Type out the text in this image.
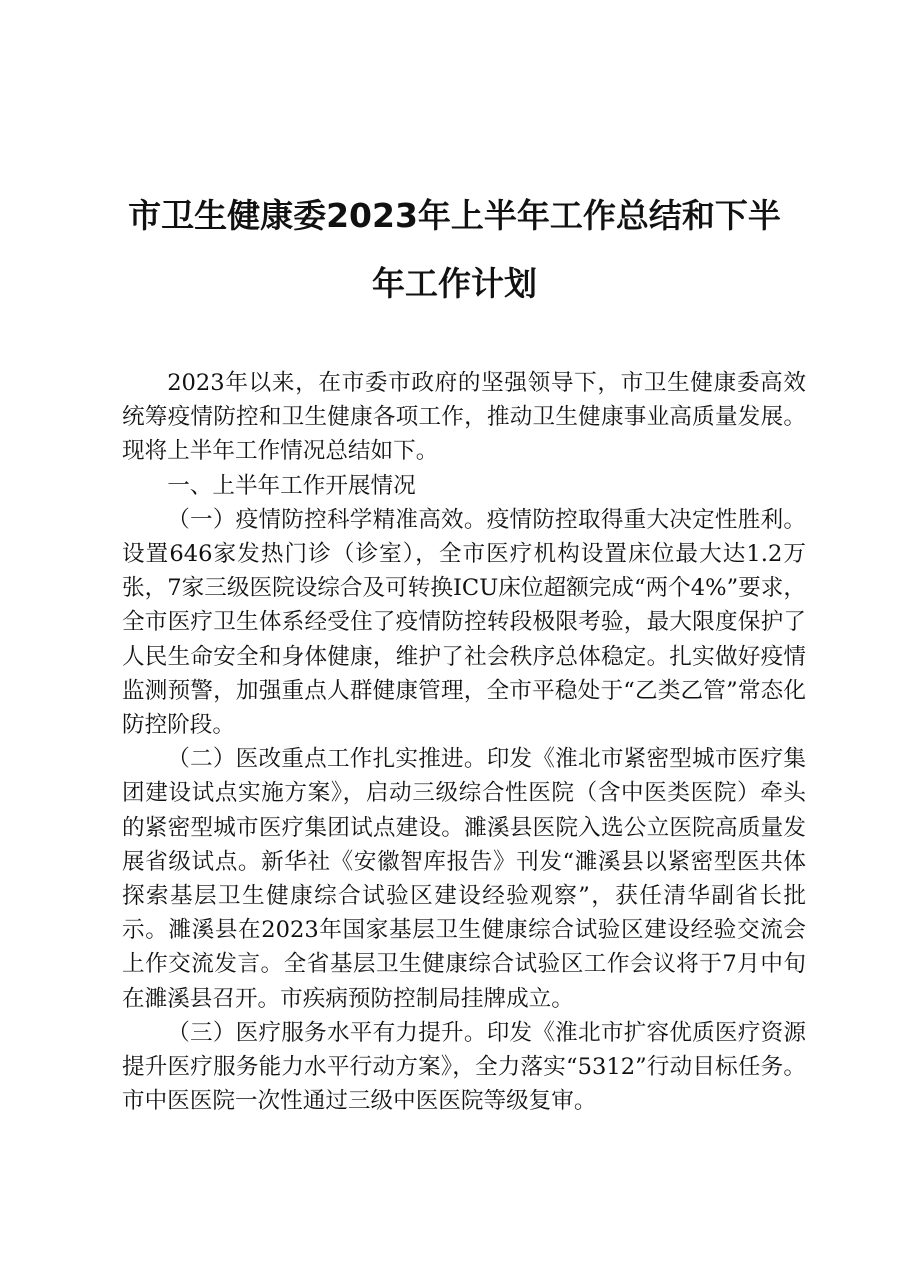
市卫生健康委2023年上半年工作总结和下半
年工作计划

2023年以来，在市委市政府的坚强领导下，市卫生健康委高效统筹疫情防控和卫生健康各项工作，推动卫生健康事业高质量发展。现将上半年工作情况总结如下。

一、上半年工作开展情况

（一）疫情防控科学精准高效。疫情防控取得重大决定性胜利。设置646家发热门诊（诊室），全市医疗机构设置床位最大达1.2万张，7家三级医院设综合及可转换ICU床位超额完成“两个4%”要求，全市医疗卫生体系经受住了疫情防控转段极限考验，最大限度保护了人民生命安全和身体健康，维护了社会秩序总体稳定。扎实做好疫情监测预警，加强重点人群健康管理，全市平稳处于“乙类乙管”常态化防控阶段。

（二）医改重点工作扎实推进。印发《淮北市紧密型城市医疗集团建设试点实施方案》，启动三级综合性医院（含中医类医院）牵头的紧密型城市医疗集团试点建设。濉溪县医院入选公立医院高质量发展省级试点。新华社《安徽智库报告》刊发“濉溪县以紧密型医共体探索基层卫生健康综合试验区建设经验观察”，获任清华副省长批示。濉溪县在2023年国家基层卫生健康综合试验区建设经验交流会上作交流发言。全省基层卫生健康综合试验区工作会议将于7月中旬在濉溪县召开。市疾病预防控制局挂牌成立。

（三）医疗服务水平有力提升。印发《淮北市扩容优质医疗资源提升医疗服务能力水平行动方案》，全力落实“5312”行动目标任务。市中医医院一次性通过三级中医医院等级复审。
